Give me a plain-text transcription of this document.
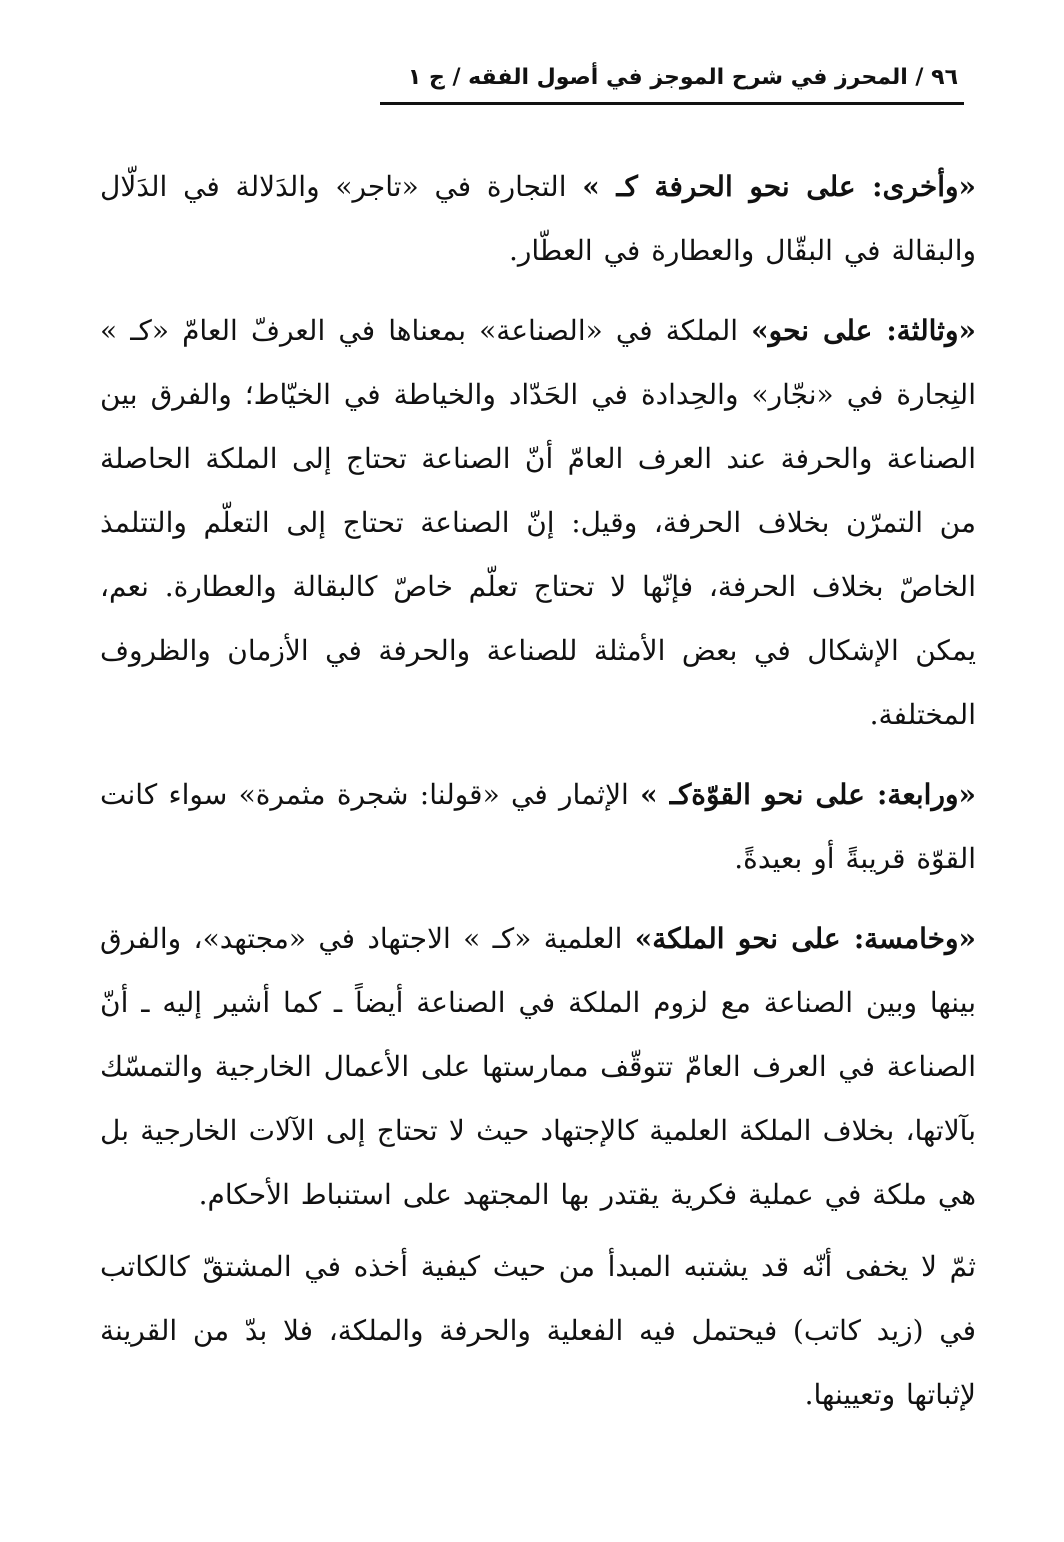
٩٦ / المحرز في شرح الموجز في أصول الفقه / ج ١

«وأخرى: على نحو الحرفة كـ » التجارة في «تاجر» والدَلالة في الدَلّال والبقالة في البقّال والعطارة في العطّار.

«وثالثة: على نحو» الملكة في «الصناعة» بمعناها في العرفّ العامّ «كـ » النِجارة في «نجّار» والحِدادة في الحَدّاد والخياطة في الخيّاط؛ والفرق بين الصناعة والحرفة عند العرف العامّ أنّ الصناعة تحتاج إلى الملكة الحاصلة من التمرّن بخلاف الحرفة، وقيل: إنّ الصناعة تحتاج إلى التعلّم والتتلمذ الخاصّ بخلاف الحرفة، فإنّها لا تحتاج تعلّم خاصّ كالبقالة والعطارة. نعم، يمكن الإشكال في بعض الأمثلة للصناعة والحرفة في الأزمان والظروف المختلفة.

«ورابعة: على نحو القوّةكـ » الإثمار في «قولنا: شجرة مثمرة» سواء كانت القوّة قريبةً أو بعيدةً.

«وخامسة: على نحو الملكة» العلمية «كـ » الاجتهاد في «مجتهد»، والفرق بينها وبين الصناعة مع لزوم الملكة في الصناعة أيضاً ـ كما أشير إليه ـ أنّ الصناعة في العرف العامّ تتوقّف ممارستها على الأعمال الخارجية والتمسّك بآلاتها، بخلاف الملكة العلمية كالإجتهاد حيث لا تحتاج إلى الآلات الخارجية بل هي ملكة في عملية فكرية يقتدر بها المجتهد على استنباط الأحكام.

ثمّ لا يخفى أنّه قد يشتبه المبدأ من حيث كيفية أخذه في المشتقّ كالكاتب في (زيد كاتب) فيحتمل فيه الفعلية والحرفة والملكة، فلا بدّ من القرينة لإثباتها وتعيينها.
